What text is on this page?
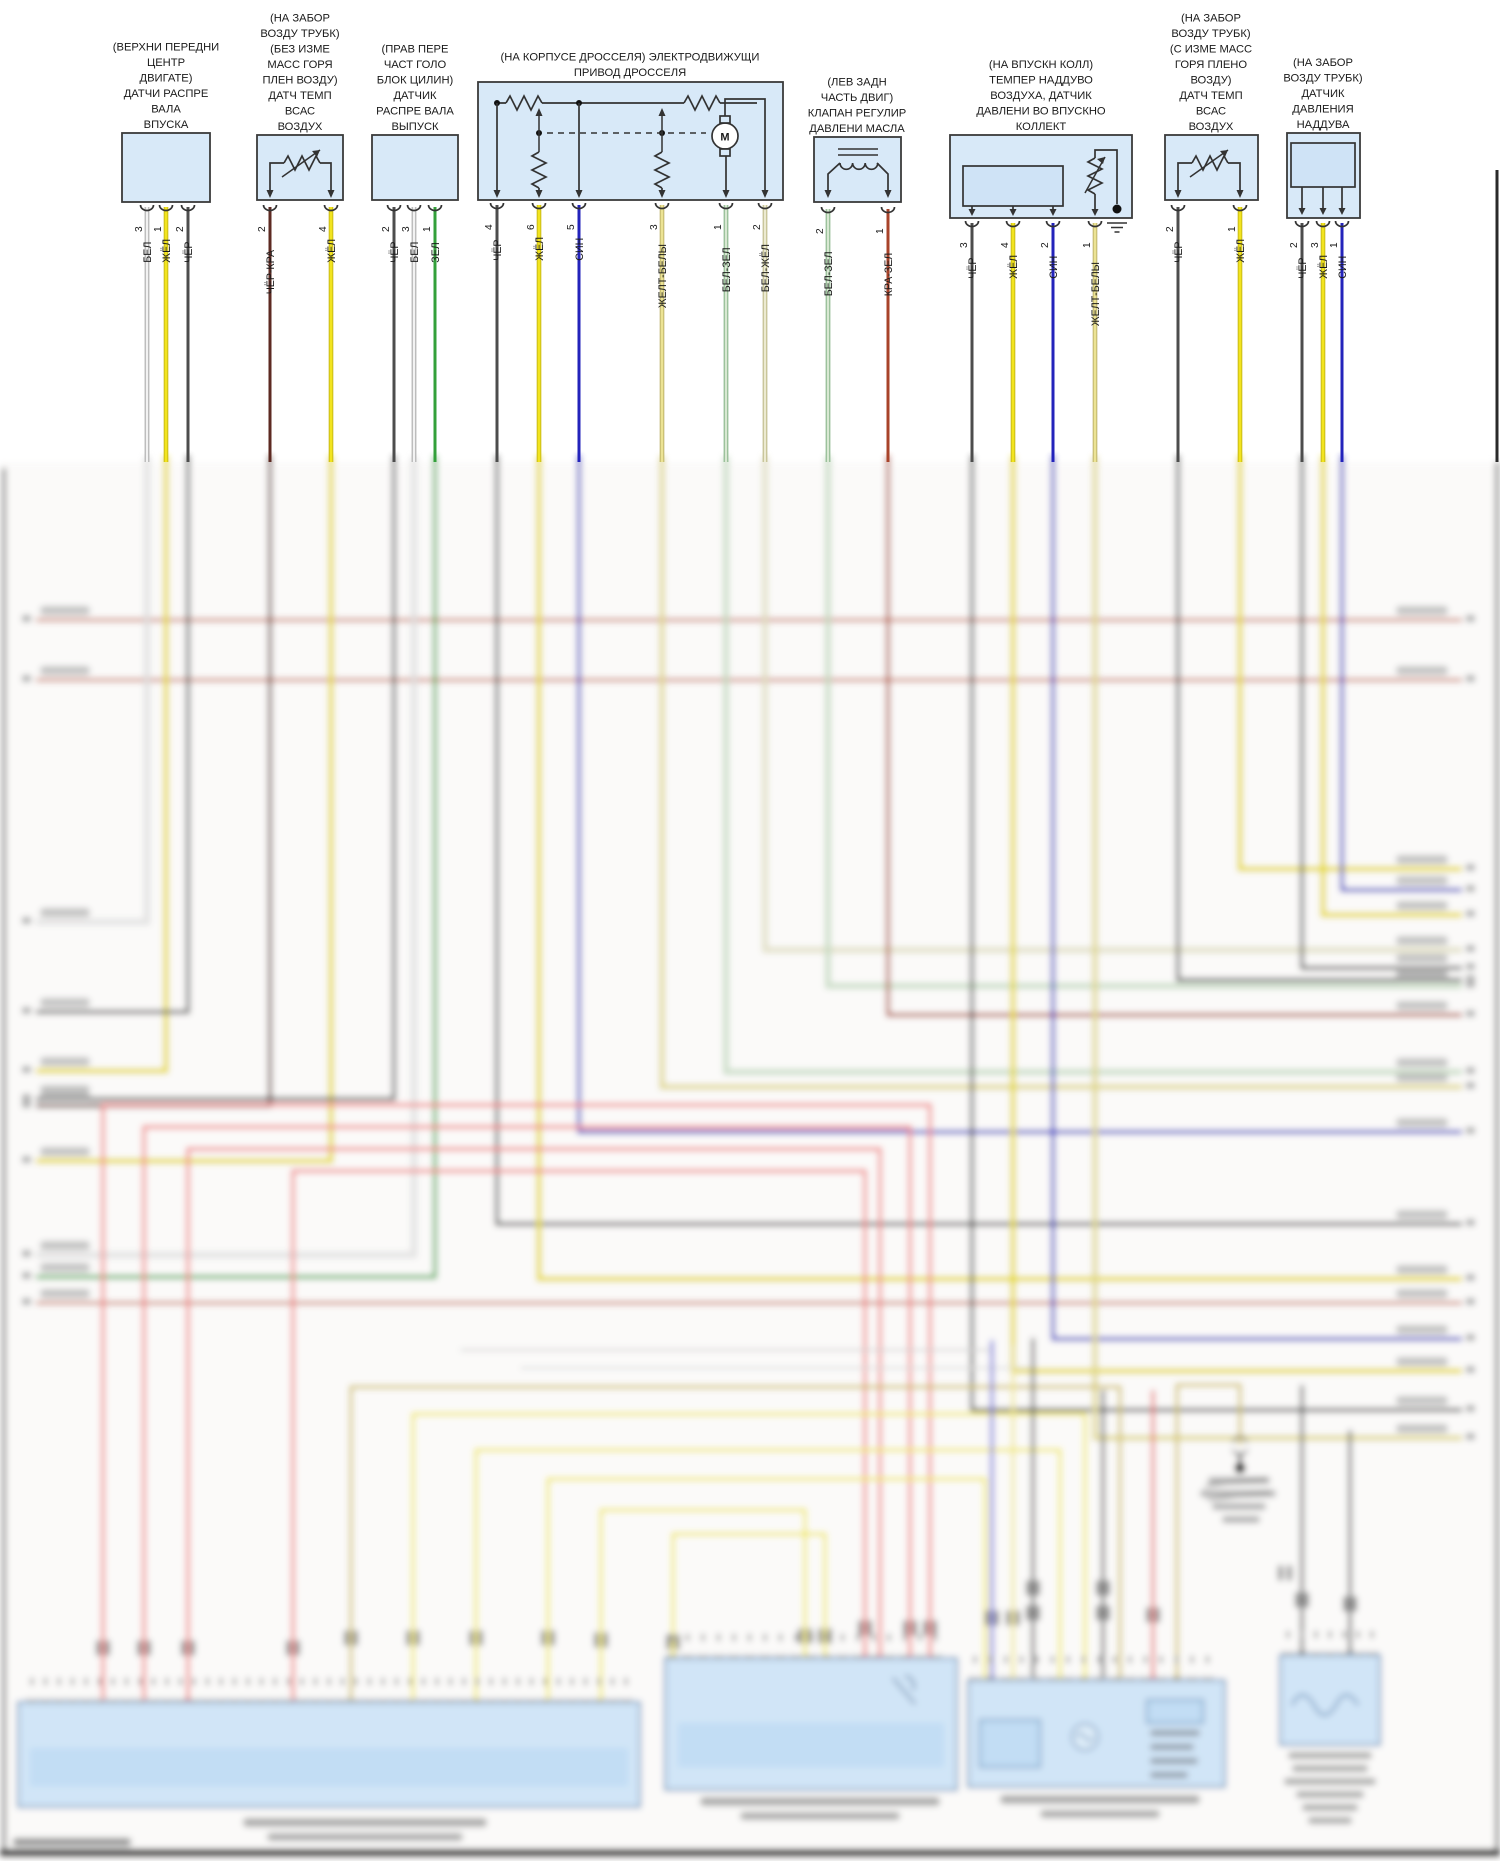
M
3
БЕЛ
1
ЖЁЛ
2
ЧЁР
2
ЧЁР-КРА
4
ЖЁЛ
2
ЧЁР
3
БЕЛ
1
ЗЕЛ
4
ЧЁР
6
ЖЁЛ
5
СИН
3
ЖЕЛТ-БЕЛЫ
1
БЕЛ-ЗЕЛ
2
БЕЛ-ЖЁЛ
2
БЕЛ-ЗЕЛ
1
КРА-ЗЕЛ
3
ЧЁР
4
ЖЁЛ
2
СИН
1
ЖЕЛТ-БЕЛЫ
2
ЧЁР
1
ЖЁЛ	2
ЧЁР
3
ЖЁЛ
1
СИН
(ВЕРХНИ ПЕРЕДНИ
ЦЕНТР
ДВИГАТЕ)
ДАТЧИ РАСПРЕ
ВАЛА
ВПУСКА
(НА ЗАБОР
ВОЗДУ ТРУБК)
(БЕЗ ИЗМЕ
МАСС ГОРЯ
ПЛЕН ВОЗДУ)
ДАТЧ ТЕМП
ВСАС
ВОЗДУХ
(ПРАВ ПЕРЕ
ЧАСТ ГОЛО
БЛОК ЦИЛИН)
ДАТЧИК
РАСПРЕ ВАЛА
ВЫПУСК
(НА КОРПУСЕ ДРОССЕЛЯ) ЭЛЕКТРОДВИЖУЩИ
ПРИВОД ДРОССЕЛЯ
(ЛЕВ ЗАДН
ЧАСТЬ ДВИГ)
КЛАПАН РЕГУЛИР
ДАВЛЕНИ МАСЛА
(НА ВПУСКН КОЛЛ)
ТЕМПЕР НАДДУВО
ВОЗДУХА, ДАТЧИК
ДАВЛЕНИ ВО ВПУСКНО
КОЛЛЕКТ
(НА ЗАБОР
ВОЗДУ ТРУБК)
(С ИЗМЕ МАСС
ГОРЯ ПЛЕНО
ВОЗДУ)
ДАТЧ ТЕМП
ВСАС
ВОЗДУХ
(НА ЗАБОР
ВОЗДУ ТРУБК)
ДАТЧИК
ДАВЛЕНИЯ
НАДДУВА
